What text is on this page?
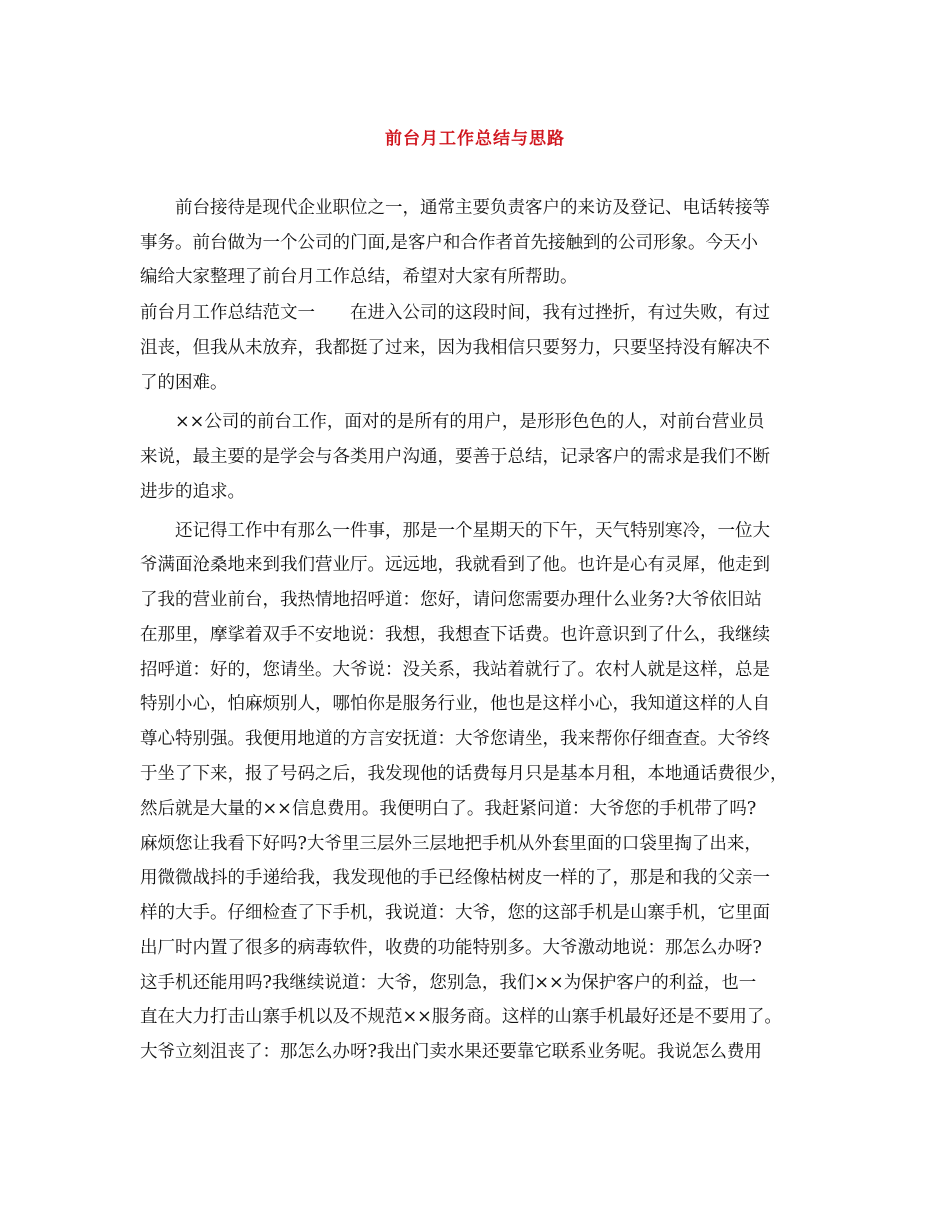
前台月工作总结与思路
前台接待是现代企业职位之一，通常主要负责客户的来访及登记、电话转接等
事务。前台做为一个公司的门面,是客户和合作者首先接触到的公司形象。今天小
编给大家整理了前台月工作总结，希望对大家有所帮助。
前台月工作总结范文一　　在进入公司的这段时间，我有过挫折，有过失败，有过
沮丧，但我从未放弃，我都挺了过来，因为我相信只要努力，只要坚持没有解决不
了的困难。
××公司的前台工作，面对的是所有的用户，是形形色色的人，对前台营业员
来说，最主要的是学会与各类用户沟通，要善于总结，记录客户的需求是我们不断
进步的追求。
还记得工作中有那么一件事，那是一个星期天的下午，天气特别寒冷，一位大
爷满面沧桑地来到我们营业厅。远远地，我就看到了他。也许是心有灵犀，他走到
了我的营业前台，我热情地招呼道：您好，请问您需要办理什么业务?大爷依旧站
在那里，摩挲着双手不安地说：我想，我想查下话费。也许意识到了什么，我继续
招呼道：好的，您请坐。大爷说：没关系，我站着就行了。农村人就是这样，总是
特别小心，怕麻烦别人，哪怕你是服务行业，他也是这样小心，我知道这样的人自
尊心特别强。我便用地道的方言安抚道：大爷您请坐，我来帮你仔细查查。大爷终
于坐了下来，报了号码之后，我发现他的话费每月只是基本月租，本地通话费很少，
然后就是大量的××信息费用。我便明白了。我赶紧问道：大爷您的手机带了吗?
麻烦您让我看下好吗?大爷里三层外三层地把手机从外套里面的口袋里掏了出来，
用微微战抖的手递给我，我发现他的手已经像枯树皮一样的了，那是和我的父亲一
样的大手。仔细检查了下手机，我说道：大爷，您的这部手机是山寨手机，它里面
出厂时内置了很多的病毒软件，收费的功能特别多。大爷激动地说：那怎么办呀?
这手机还能用吗?我继续说道：大爷，您别急，我们××为保护客户的利益，也一
直在大力打击山寨手机以及不规范××服务商。这样的山寨手机最好还是不要用了。
大爷立刻沮丧了：那怎么办呀?我出门卖水果还要靠它联系业务呢。我说怎么费用
